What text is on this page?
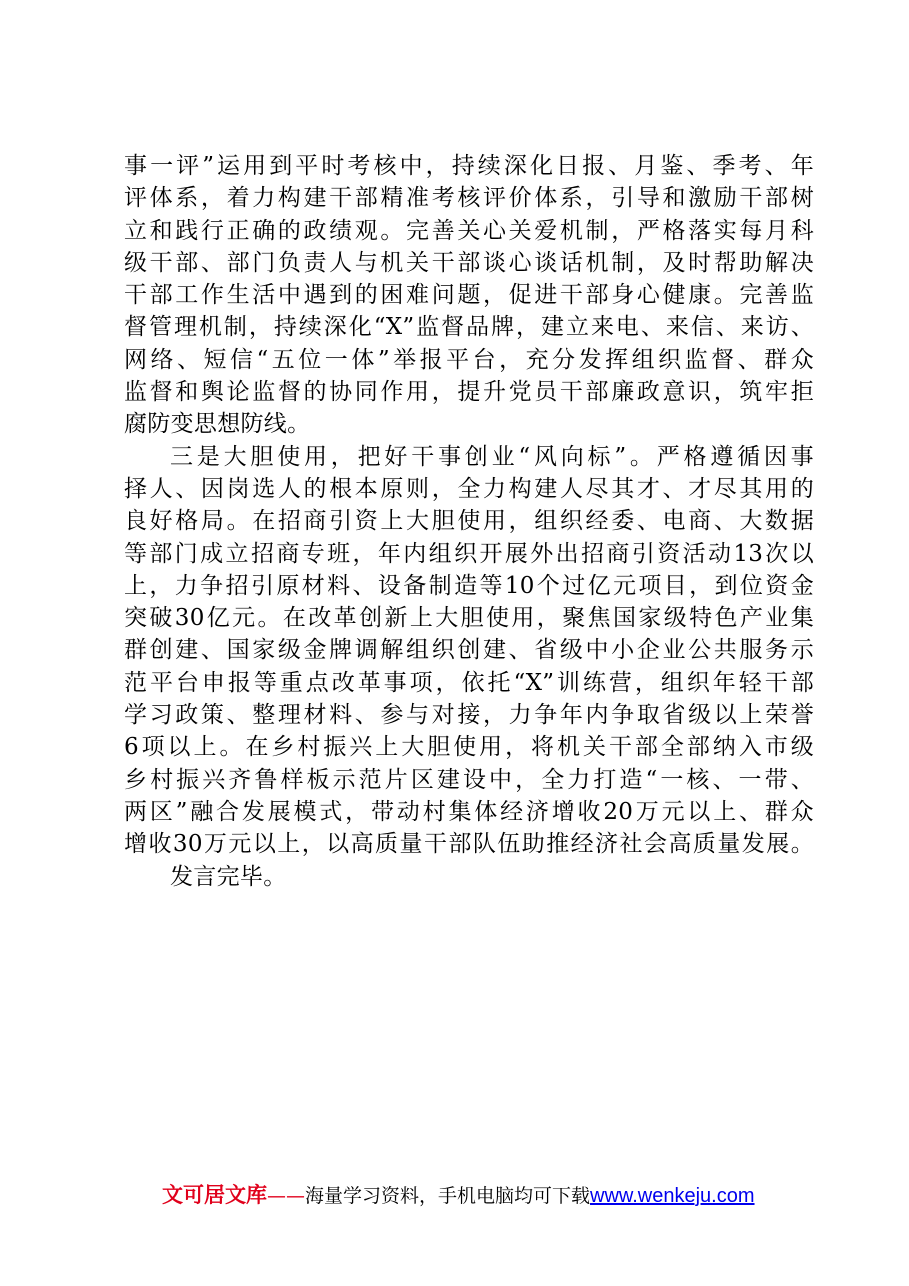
事一评”运用到平时考核中，持续深化日报、月鉴、季考、年
评体系，着力构建干部精准考核评价体系，引导和激励干部树
立和践行正确的政绩观。完善关心关爱机制，严格落实每月科
级干部、部门负责人与机关干部谈心谈话机制，及时帮助解决
干部工作生活中遇到的困难问题，促进干部身心健康。完善监
督管理机制，持续深化“X”监督品牌，建立来电、来信、来访、
网络、短信“五位一体”举报平台，充分发挥组织监督、群众
监督和舆论监督的协同作用，提升党员干部廉政意识，筑牢拒
腐防变思想防线。
三是大胆使用，把好干事创业“风向标”。严格遵循因事
择人、因岗选人的根本原则，全力构建人尽其才、才尽其用的
良好格局。在招商引资上大胆使用，组织经委、电商、大数据
等部门成立招商专班，年内组织开展外出招商引资活动13次以
上，力争招引原材料、设备制造等10个过亿元项目，到位资金
突破30亿元。在改革创新上大胆使用，聚焦国家级特色产业集
群创建、国家级金牌调解组织创建、省级中小企业公共服务示
范平台申报等重点改革事项，依托“X”训练营，组织年轻干部
学习政策、整理材料、参与对接，力争年内争取省级以上荣誉
6项以上。在乡村振兴上大胆使用，将机关干部全部纳入市级
乡村振兴齐鲁样板示范片区建设中，全力打造“一核、一带、
两区”融合发展模式，带动村集体经济增收20万元以上、群众
增收30万元以上，以高质量干部队伍助推经济社会高质量发展。
发言完毕。
文可居文库——海量学习资料，手机电脑均可下载www.wenkeju.com
